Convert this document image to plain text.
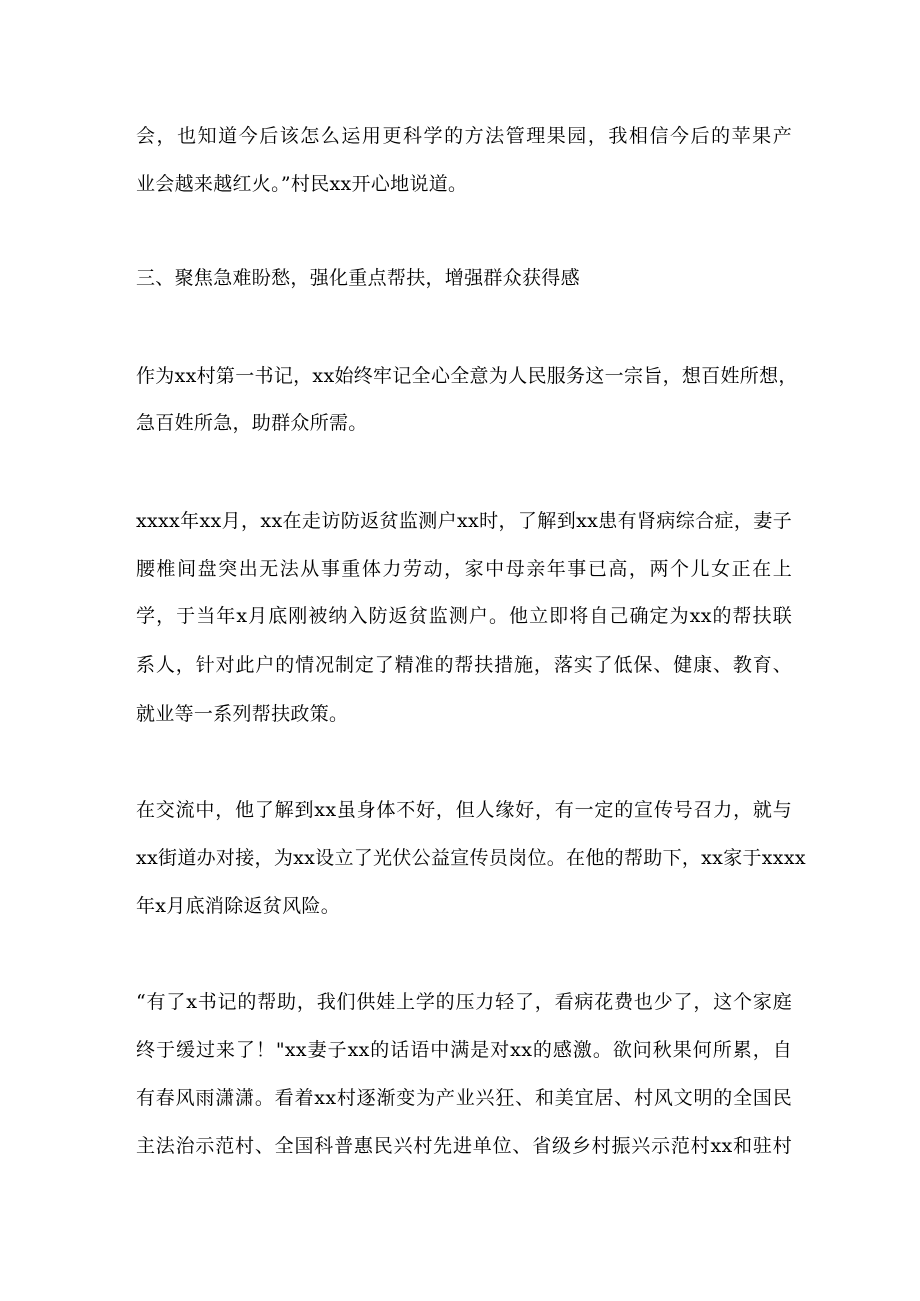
会，也知道今后该怎么运用更科学的方法管理果园，我相信今后的苹果产

业会越来越红火。”村民xx开心地说道。

三、聚焦急难盼愁，强化重点帮扶，增强群众获得感

作为xx村第一书记，xx始终牢记全心全意为人民服务这一宗旨，想百姓所想，

急百姓所急，助群众所需。

xxxx年xx月，xx在走访防返贫监测户xx时，了解到xx患有肾病综合症，妻子

腰椎间盘突出无法从事重体力劳动，家中母亲年事已高，两个儿女正在上

学，于当年x月底刚被纳入防返贫监测户。他立即将自己确定为xx的帮扶联

系人，针对此户的情况制定了精准的帮扶措施，落实了低保、健康、教育、

就业等一系列帮扶政策。

在交流中，他了解到xx虽身体不好，但人缘好，有一定的宣传号召力，就与

xx街道办对接，为xx设立了光伏公益宣传员岗位。在他的帮助下，xx家于xxxx

年x月底消除返贫风险。

“有了x书记的帮助，我们供娃上学的压力轻了，看病花费也少了，这个家庭

终于缓过来了！"xx妻子xx的话语中满是对xx的感激。欲问秋果何所累，自

有春风雨潇潇。看着xx村逐渐变为产业兴狂、和美宜居、村风文明的全国民

主法治示范村、全国科普惠民兴村先进单位、省级乡村振兴示范村xx和驻村
